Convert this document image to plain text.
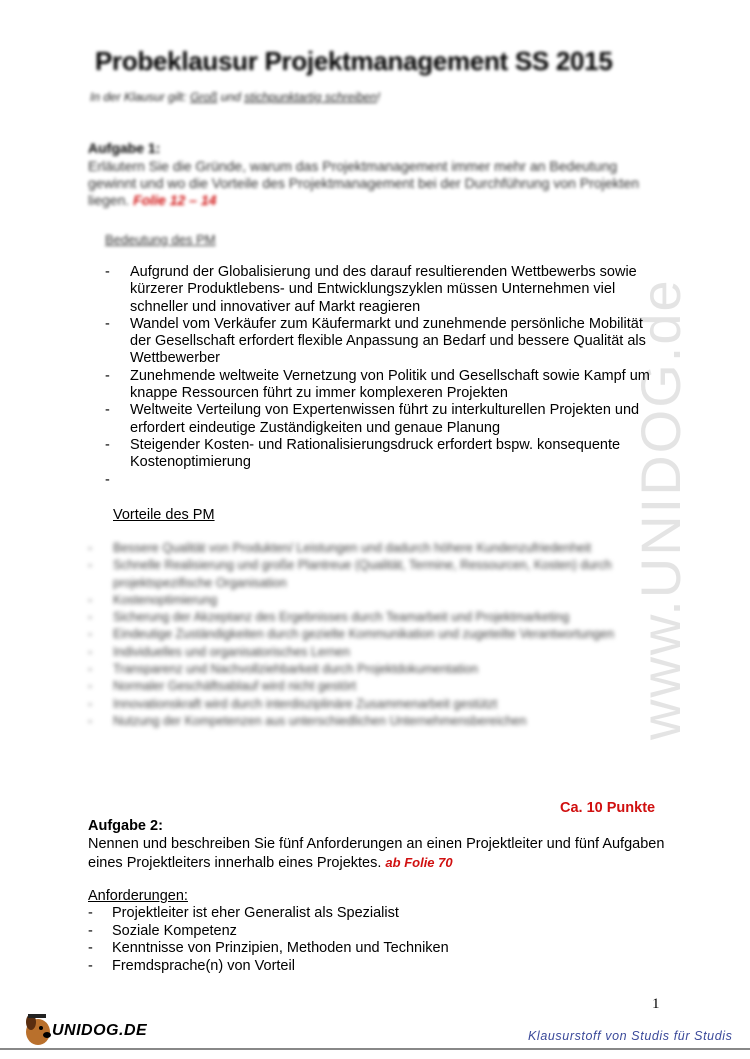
www.UNIDOG.de
Probeklausur Projektmanagement SS 2015
In der Klausur gilt: Groß und stichpunktartig schreiben!
Aufgabe 1:
Erläutern Sie die Gründe, warum das Projektmanagement immer mehr an Bedeutung gewinnt und wo die Vorteile des Projektmanagement bei der Durchführung von Projekten liegen. Folie 12 – 14
Bedeutung des PM
- Aufgrund der Globalisierung und des darauf resultierenden Wettbewerbs sowie kürzerer Produktlebens- und Entwicklungszyklen müssen Unternehmen viel schneller und innovativer auf Markt reagieren
- Wandel vom Verkäufer zum Käufermarkt und zunehmende persönliche Mobilität der Gesellschaft erfordert flexible Anpassung an Bedarf und bessere Qualität als Wettbewerber
- Zunehmende weltweite Vernetzung von Politik und Gesellschaft sowie Kampf um knappe Ressourcen führt zu immer komplexeren Projekten
- Weltweite Verteilung von Expertenwissen führt zu interkulturellen Projekten und erfordert eindeutige Zuständigkeiten und genaue Planung
- Steigender Kosten- und Rationalisierungsdruck erfordert bspw. konsequente Kostenoptimierung
-
Vorteile des PM
- Bessere Qualität von Produkten/ Leistungen und dadurch höhere Kundenzufriedenheit
- Schnelle Realisierung und große Plantreue (Qualität, Termine, Ressourcen, Kosten) durch projektspezifische Organisation
- Kostenoptimierung
- Sicherung der Akzeptanz des Ergebnisses durch Teamarbeit und Projektmarketing
- Eindeutige Zuständigkeiten durch gezielte Kommunikation und zugeteilte Verantwortungen
- Individuelles und organisatorisches Lernen
- Transparenz und Nachvollziehbarkeit durch Projektdokumentation
- Normaler Geschäftsablauf wird nicht gestört
- Innovationskraft wird durch interdisziplinäre Zusammenarbeit gestützt
- Nutzung der Kompetenzen aus unterschiedlichen Unternehmensbereichen
Ca. 10 Punkte
Aufgabe 2:
Nennen und beschreiben Sie fünf Anforderungen an einen Projektleiter und fünf Aufgaben eines Projektleiters innerhalb eines Projektes. ab Folie 70
Anforderungen:
- Projektleiter ist eher Generalist als Spezialist
- Soziale Kompetenz
- Kenntnisse von Prinzipien, Methoden und Techniken
- Fremdsprache(n) von Vorteil
1
UNIDOG.DE	Klausurstoff von Studis für Studis
